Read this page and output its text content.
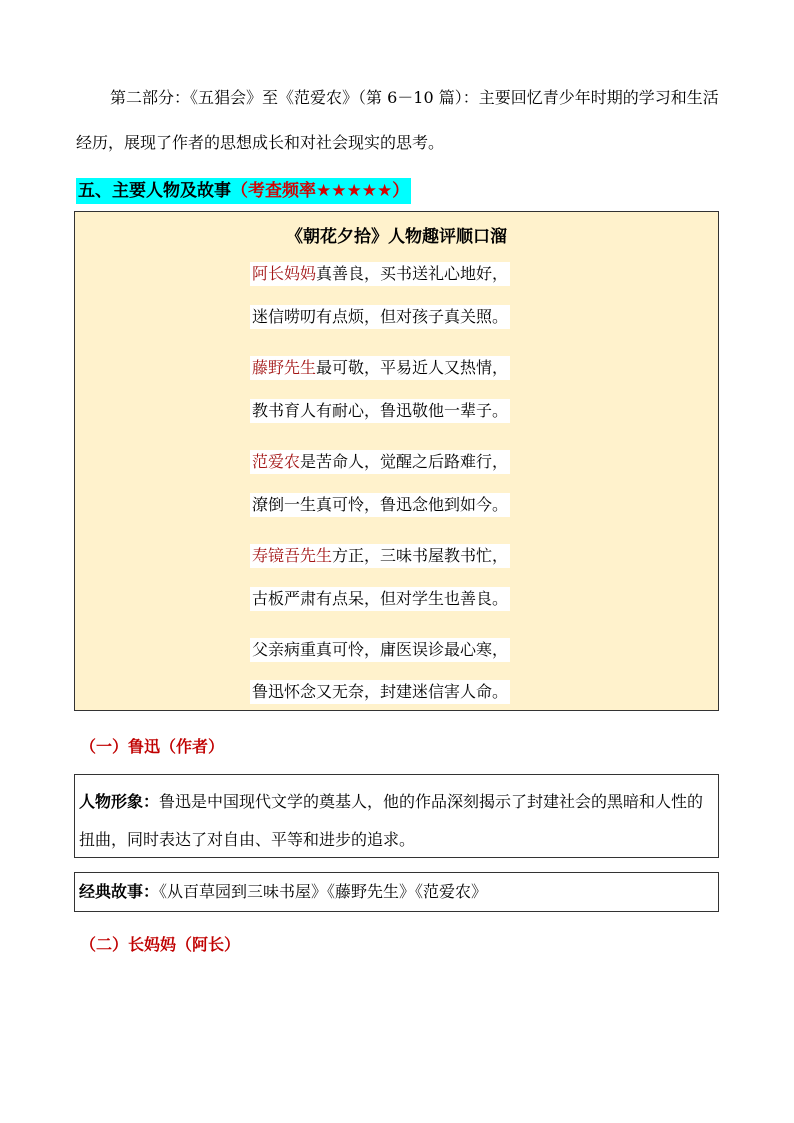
第二部分：《五猖会》至《范爱农》（第 6－10 篇）：主要回忆青少年时期的学习和生活经历，展现了作者的思想成长和对社会现实的思考。
五、主要人物及故事（考查频率★★★★★）
《朝花夕拾》人物趣评顺口溜
阿长妈妈真善良，买书送礼心地好，
迷信唠叨有点烦，但对孩子真关照。
藤野先生最可敬，平易近人又热情，
教书育人有耐心，鲁迅敬他一辈子。
范爱农是苦命人，觉醒之后路难行，
潦倒一生真可怜，鲁迅念他到如今。
寿镜吾先生方正，三味书屋教书忙，
古板严肃有点呆，但对学生也善良。
父亲病重真可怜，庸医误诊最心寒，
鲁迅怀念又无奈，封建迷信害人命。
（一）鲁迅（作者）
人物形象：鲁迅是中国现代文学的奠基人，他的作品深刻揭示了封建社会的黑暗和人性的扭曲，同时表达了对自由、平等和进步的追求。
经典故事：《从百草园到三味书屋》《藤野先生》《范爱农》
（二）长妈妈（阿长）
